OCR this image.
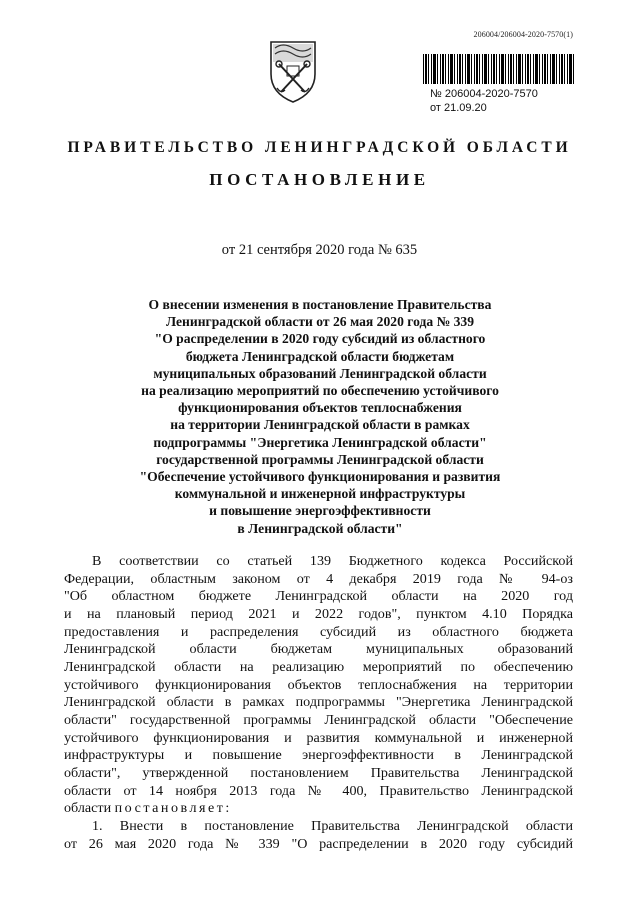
206004/206004-2020-7570(1)
№ 206004-2020-7570
от 21.09.20
ПРАВИТЕЛЬСТВО ЛЕНИНГРАДСКОЙ ОБЛАСТИ
ПОСТАНОВЛЕНИЕ
от 21 сентября 2020 года № 635
О внесении изменения в постановление Правительства
Ленинградской области от 26 мая 2020 года № 339
"О распределении в 2020 году субсидий из областного
бюджета Ленинградской области бюджетам
муниципальных образований Ленинградской области
на реализацию мероприятий по обеспечению устойчивого
функционирования объектов теплоснабжения
на территории Ленинградской области в рамках
подпрограммы "Энергетика Ленинградской области"
государственной программы Ленинградской области
"Обеспечение устойчивого функционирования и развития
коммунальной и инженерной инфраструктуры
и повышение энергоэффективности
в Ленинградской области"
В соответствии со статьей 139 Бюджетного кодекса Российской
Федерации, областным законом от 4 декабря 2019 года № 94-оз
"Об областном бюджете Ленинградской области на 2020 год
и на плановый период 2021 и 2022 годов", пунктом 4.10 Порядка
предоставления и распределения субсидий из областного бюджета
Ленинградской области бюджетам муниципальных образований
Ленинградской области на реализацию мероприятий по обеспечению
устойчивого функционирования объектов теплоснабжения на территории
Ленинградской области в рамках подпрограммы "Энергетика Ленинградской
области" государственной программы Ленинградской области "Обеспечение
устойчивого функционирования и развития коммунальной и инженерной
инфраструктуры и повышение энергоэффективности в Ленинградской
области", утвержденной постановлением Правительства Ленинградской
области от 14 ноября 2013 года № 400, Правительство Ленинградской
области постановляет:
1. Внести в постановление Правительства Ленинградской области
от 26 мая 2020 года № 339 "О распределении в 2020 году субсидий
